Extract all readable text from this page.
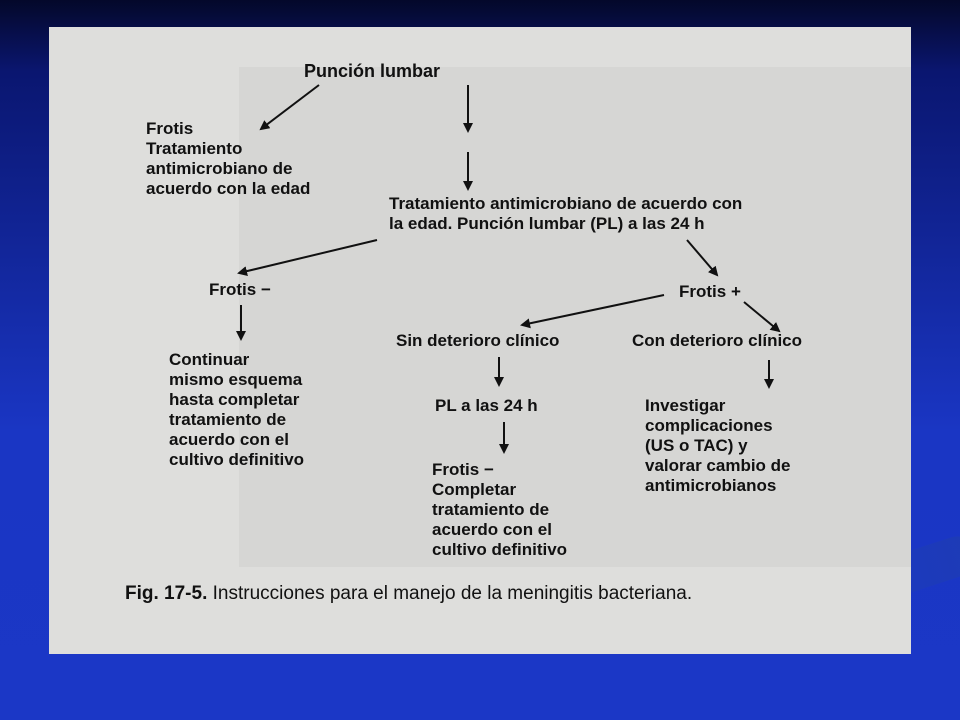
Punción lumbar
Frotis
Tratamiento
antimicrobiano de
acuerdo con la edad
Tratamiento antimicrobiano de acuerdo con
la edad. Punción lumbar (PL) a las 24 h
Frotis −	Frotis +
Continuar
mismo esquema
hasta completar
tratamiento de
acuerdo con el
cultivo definitivo
Sin deterioro clínico	Con deterioro clínico
PL a las 24 h	Investigar
complicaciones
(US o TAC) y
valorar cambio de
antimicrobianos
Frotis −
Completar
tratamiento de
acuerdo con el
cultivo definitivo
Fig. 17-5. Instrucciones para el manejo de la meningitis bacteriana.
